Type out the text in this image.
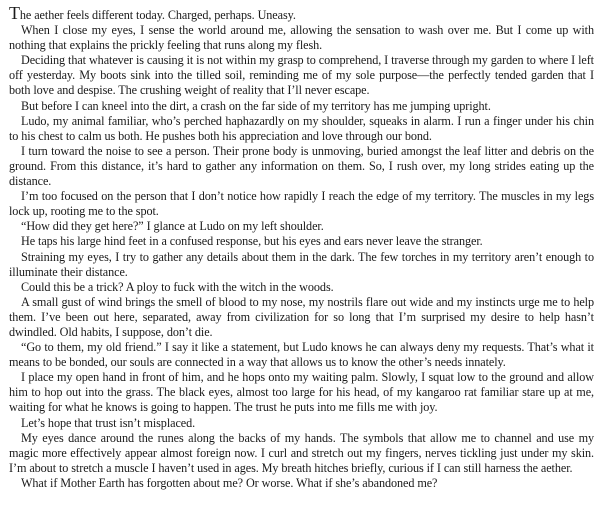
The aether feels different today. Charged, perhaps. Uneasy.

When I close my eyes, I sense the world around me, allowing the sensation to wash over me. But I come up with nothing that explains the prickly feeling that runs along my flesh.

Deciding that whatever is causing it is not within my grasp to comprehend, I traverse through my garden to where I left off yesterday. My boots sink into the tilled soil, reminding me of my sole purpose—the perfectly tended garden that I both love and despise. The crushing weight of reality that I’ll never escape.

But before I can kneel into the dirt, a crash on the far side of my territory has me jumping upright.

Ludo, my animal familiar, who’s perched haphazardly on my shoulder, squeaks in alarm. I run a finger under his chin to his chest to calm us both. He pushes both his appreciation and love through our bond.

I turn toward the noise to see a person. Their prone body is unmoving, buried amongst the leaf litter and debris on the ground. From this distance, it’s hard to gather any information on them. So, I rush over, my long strides eating up the distance.

I’m too focused on the person that I don’t notice how rapidly I reach the edge of my territory. The muscles in my legs lock up, rooting me to the spot.

“How did they get here?” I glance at Ludo on my left shoulder.

He taps his large hind feet in a confused response, but his eyes and ears never leave the stranger.

Straining my eyes, I try to gather any details about them in the dark. The few torches in my territory aren’t enough to illuminate their distance.

Could this be a trick? A ploy to fuck with the witch in the woods.

A small gust of wind brings the smell of blood to my nose, my nostrils flare out wide and my instincts urge me to help them. I’ve been out here, separated, away from civilization for so long that I’m surprised my desire to help hasn’t dwindled. Old habits, I suppose, don’t die.

“Go to them, my old friend.” I say it like a statement, but Ludo knows he can always deny my requests. That’s what it means to be bonded, our souls are connected in a way that allows us to know the other’s needs innately.

I place my open hand in front of him, and he hops onto my waiting palm. Slowly, I squat low to the ground and allow him to hop out into the grass. The black eyes, almost too large for his head, of my kangaroo rat familiar stare up at me, waiting for what he knows is going to happen. The trust he puts into me fills me with joy.

Let’s hope that trust isn’t misplaced.

My eyes dance around the runes along the backs of my hands. The symbols that allow me to channel and use my magic more effectively appear almost foreign now. I curl and stretch out my fingers, nerves tickling just under my skin. I’m about to stretch a muscle I haven’t used in ages. My breath hitches briefly, curious if I can still harness the aether.

What if Mother Earth has forgotten about me? Or worse. What if she’s abandoned me?
